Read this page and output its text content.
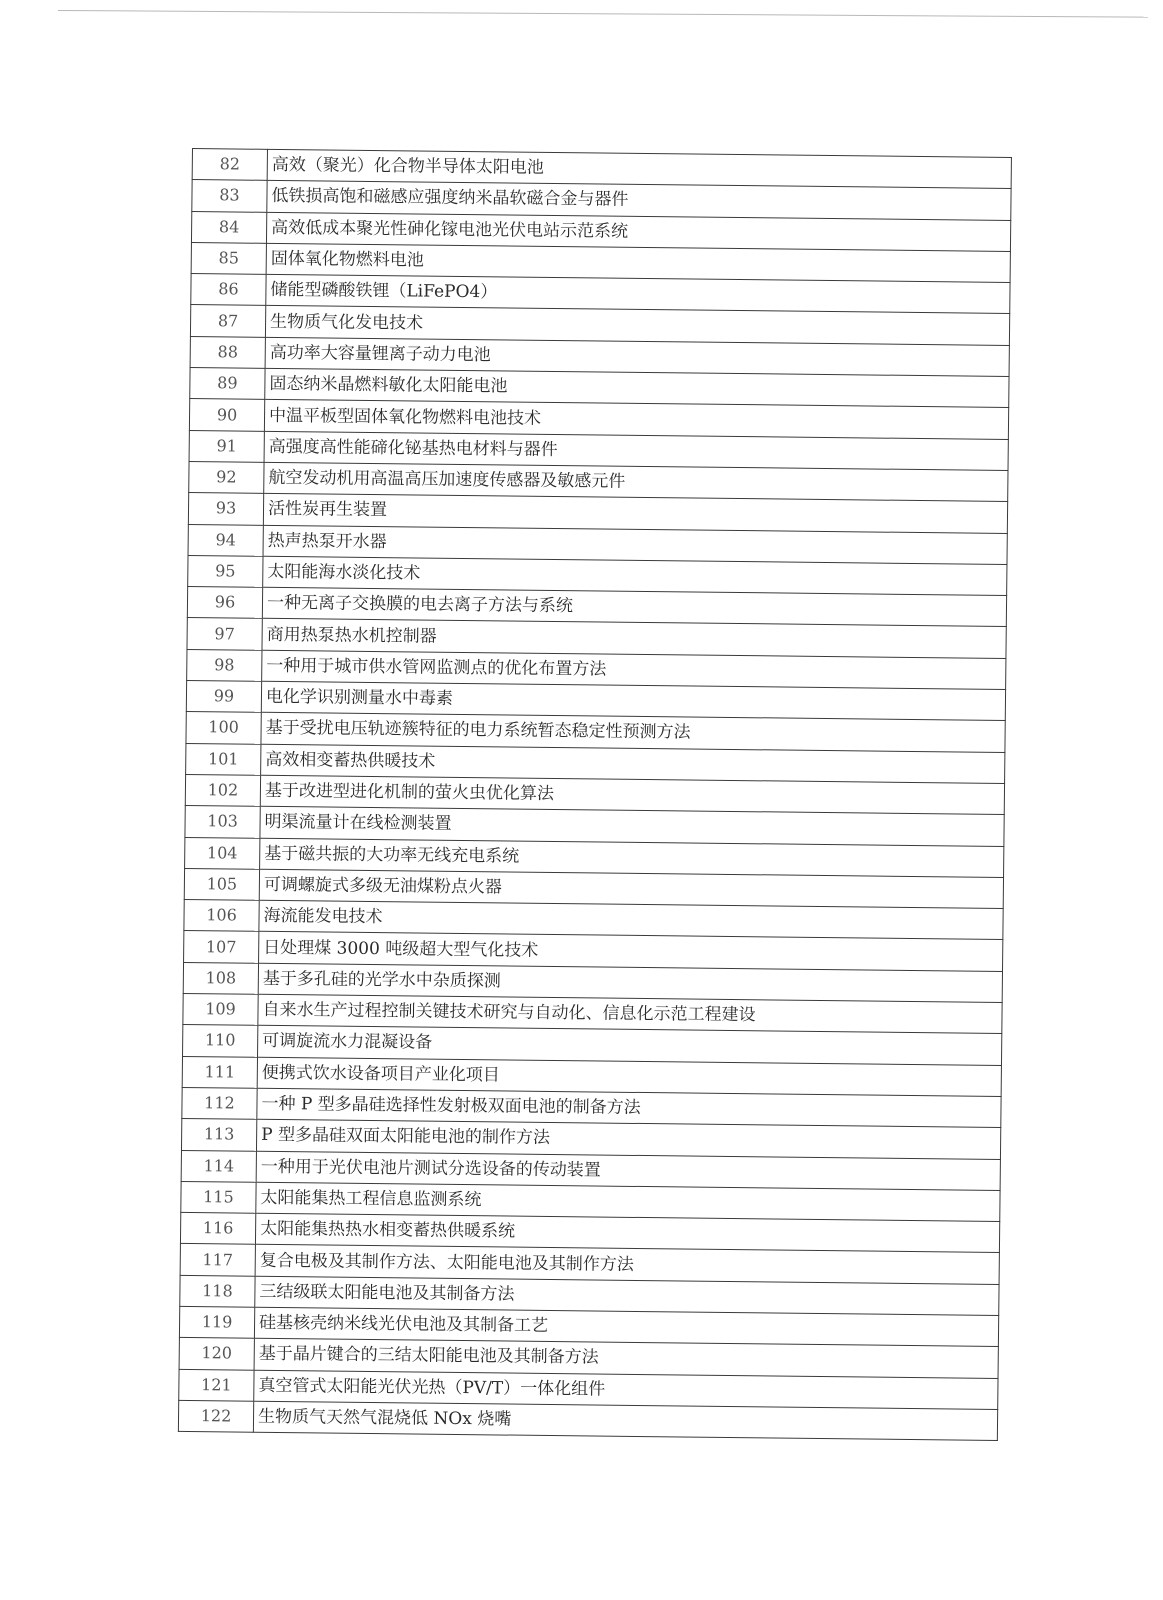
82	高效（聚光）化合物半导体太阳电池
83	低铁损高饱和磁感应强度纳米晶软磁合金与器件
84	高效低成本聚光性砷化镓电池光伏电站示范系统
85	固体氧化物燃料电池
86	储能型磷酸铁锂（LiFePO4）
87	生物质气化发电技术
88	高功率大容量锂离子动力电池
89	固态纳米晶燃料敏化太阳能电池
90	中温平板型固体氧化物燃料电池技术
91	高强度高性能碲化铋基热电材料与器件
92	航空发动机用高温高压加速度传感器及敏感元件
93	活性炭再生装置
94	热声热泵开水器
95	太阳能海水淡化技术
96	一种无离子交换膜的电去离子方法与系统
97	商用热泵热水机控制器
98	一种用于城市供水管网监测点的优化布置方法
99	电化学识别测量水中毒素
100	基于受扰电压轨迹簇特征的电力系统暂态稳定性预测方法
101	高效相变蓄热供暖技术
102	基于改进型进化机制的萤火虫优化算法
103	明渠流量计在线检测装置
104	基于磁共振的大功率无线充电系统
105	可调螺旋式多级无油煤粉点火器
106	海流能发电技术
107	日处理煤 3000 吨级超大型气化技术
108	基于多孔硅的光学水中杂质探测
109	自来水生产过程控制关键技术研究与自动化、信息化示范工程建设
110	可调旋流水力混凝设备
111	便携式饮水设备项目产业化项目
112	一种 P 型多晶硅选择性发射极双面电池的制备方法
113	P 型多晶硅双面太阳能电池的制作方法
114	一种用于光伏电池片测试分选设备的传动装置
115	太阳能集热工程信息监测系统
116	太阳能集热热水相变蓄热供暖系统
117	复合电极及其制作方法、太阳能电池及其制作方法
118	三结级联太阳能电池及其制备方法
119	硅基核壳纳米线光伏电池及其制备工艺
120	基于晶片键合的三结太阳能电池及其制备方法
121	真空管式太阳能光伏光热（PV/T）一体化组件
122	生物质气天然气混烧低 NOx 烧嘴
